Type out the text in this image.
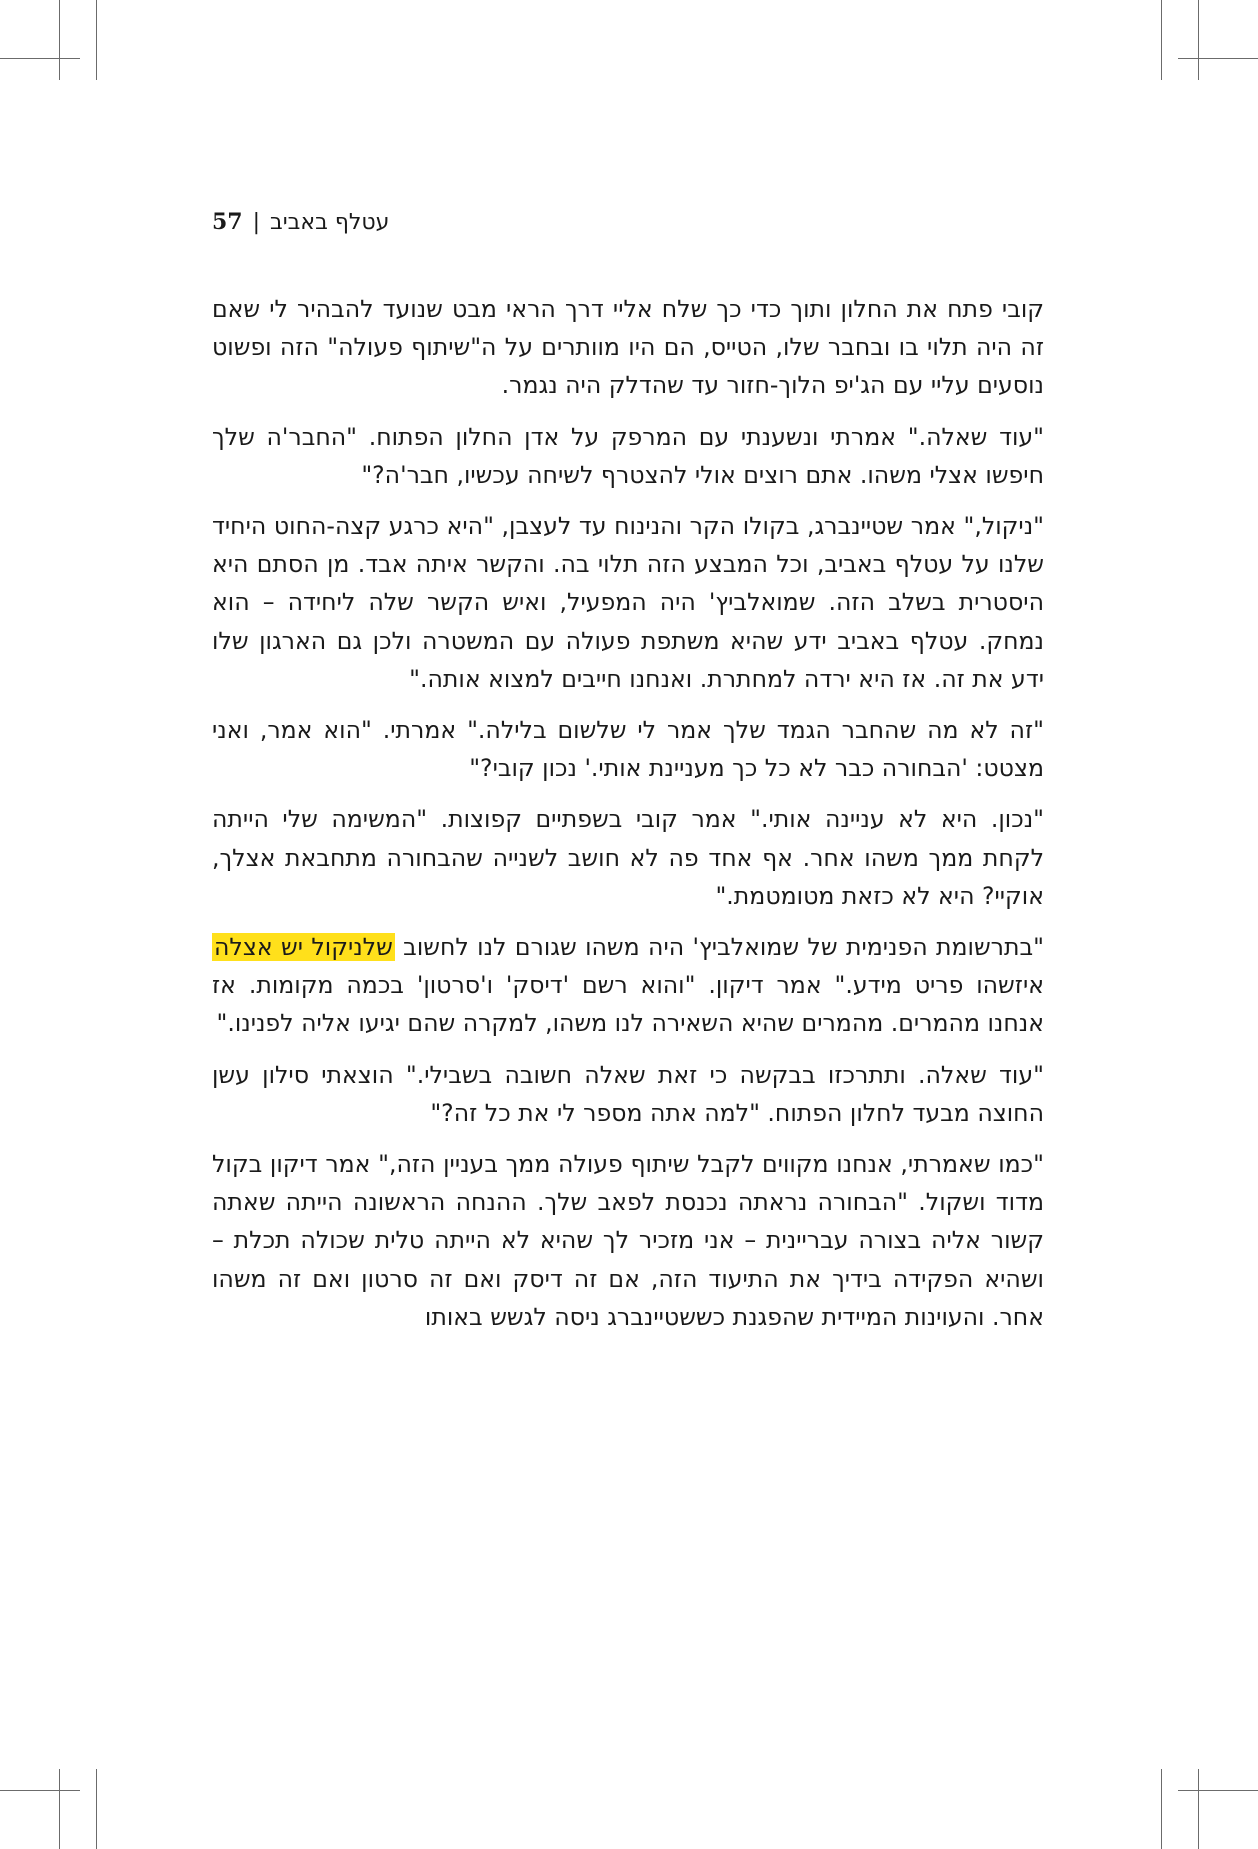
עטלף באביב|57

קובי פתח את החלון ותוך כדי כך שלח אליי דרך הראי מבט שנועד להבהיר לי שאם זה היה תלוי בו ובחבר שלו, הטייס, הם היו מוותרים על ה"שיתוף פעולה" הזה ופשוט נוסעים עליי עם הג'יפ הלוך-חזור עד שהדלק היה נגמר.

"עוד שאלה." אמרתי ונשענתי עם המרפק על אדן החלון הפתוח. "החבר'ה שלך חיפשו אצלי משהו. אתם רוצים אולי להצטרף לשיחה עכשיו, חבר'ה?"

"ניקול," אמר שטיינברג, בקולו הקר והנינוח עד לעצבן, "היא כרגע קצה-החוט היחיד שלנו על עטלף באביב, וכל המבצע הזה תלוי בה. והקשר איתה אבד. מן הסתם היא היסטרית בשלב הזה. שמואלביץ' היה המפעיל, ואיש הקשר שלה ליחידה – הוא נמחק. עטלף באביב ידע שהיא משתפת פעולה עם המשטרה ולכן גם הארגון שלו ידע את זה. אז היא ירדה למחתרת. ואנחנו חייבים למצוא אותה."

"זה לא מה שהחבר הגמד שלך אמר לי שלשום בלילה." אמרתי. "הוא אמר, ואני מצטט: 'הבחורה כבר לא כל כך מעניינת אותי.' נכון קובי?"

"נכון. היא לא עניינה אותי." אמר קובי בשפתיים קפוצות. "המשימה שלי הייתה לקחת ממך משהו אחר. אף אחד פה לא חושב לשנייה שהבחורה מתחבאת אצלך, אוקיי? היא לא כזאת מטומטמת."

"בתרשומת הפנימית של שמואלביץ' היה משהו שגורם לנו לחשוב שלניקול יש אצלה איזשהו פריט מידע." אמר דיקון. "והוא רשם 'דיסק' ו'סרטון' בכמה מקומות. אז אנחנו מהמרים. מהמרים שהיא השאירה לנו משהו, למקרה שהם יגיעו אליה לפנינו."

"עוד שאלה. ותתרכזו בבקשה כי זאת שאלה חשובה בשבילי." הוצאתי סילון עשן החוצה מבעד לחלון הפתוח. "למה אתה מספר לי את כל זה?"

"כמו שאמרתי, אנחנו מקווים לקבל שיתוף פעולה ממך בעניין הזה," אמר דיקון בקול מדוד ושקול. "הבחורה נראתה נכנסת לפאב שלך. ההנחה הראשונה הייתה שאתה קשור אליה בצורה עבריינית – אני מזכיר לך שהיא לא הייתה טלית שכולה תכלת – ושהיא הפקידה בידיך את התיעוד הזה, אם זה דיסק ואם זה סרטון ואם זה משהו אחר. והעוינות המיידית שהפגנת כששטיינברג ניסה לגשש באותו
